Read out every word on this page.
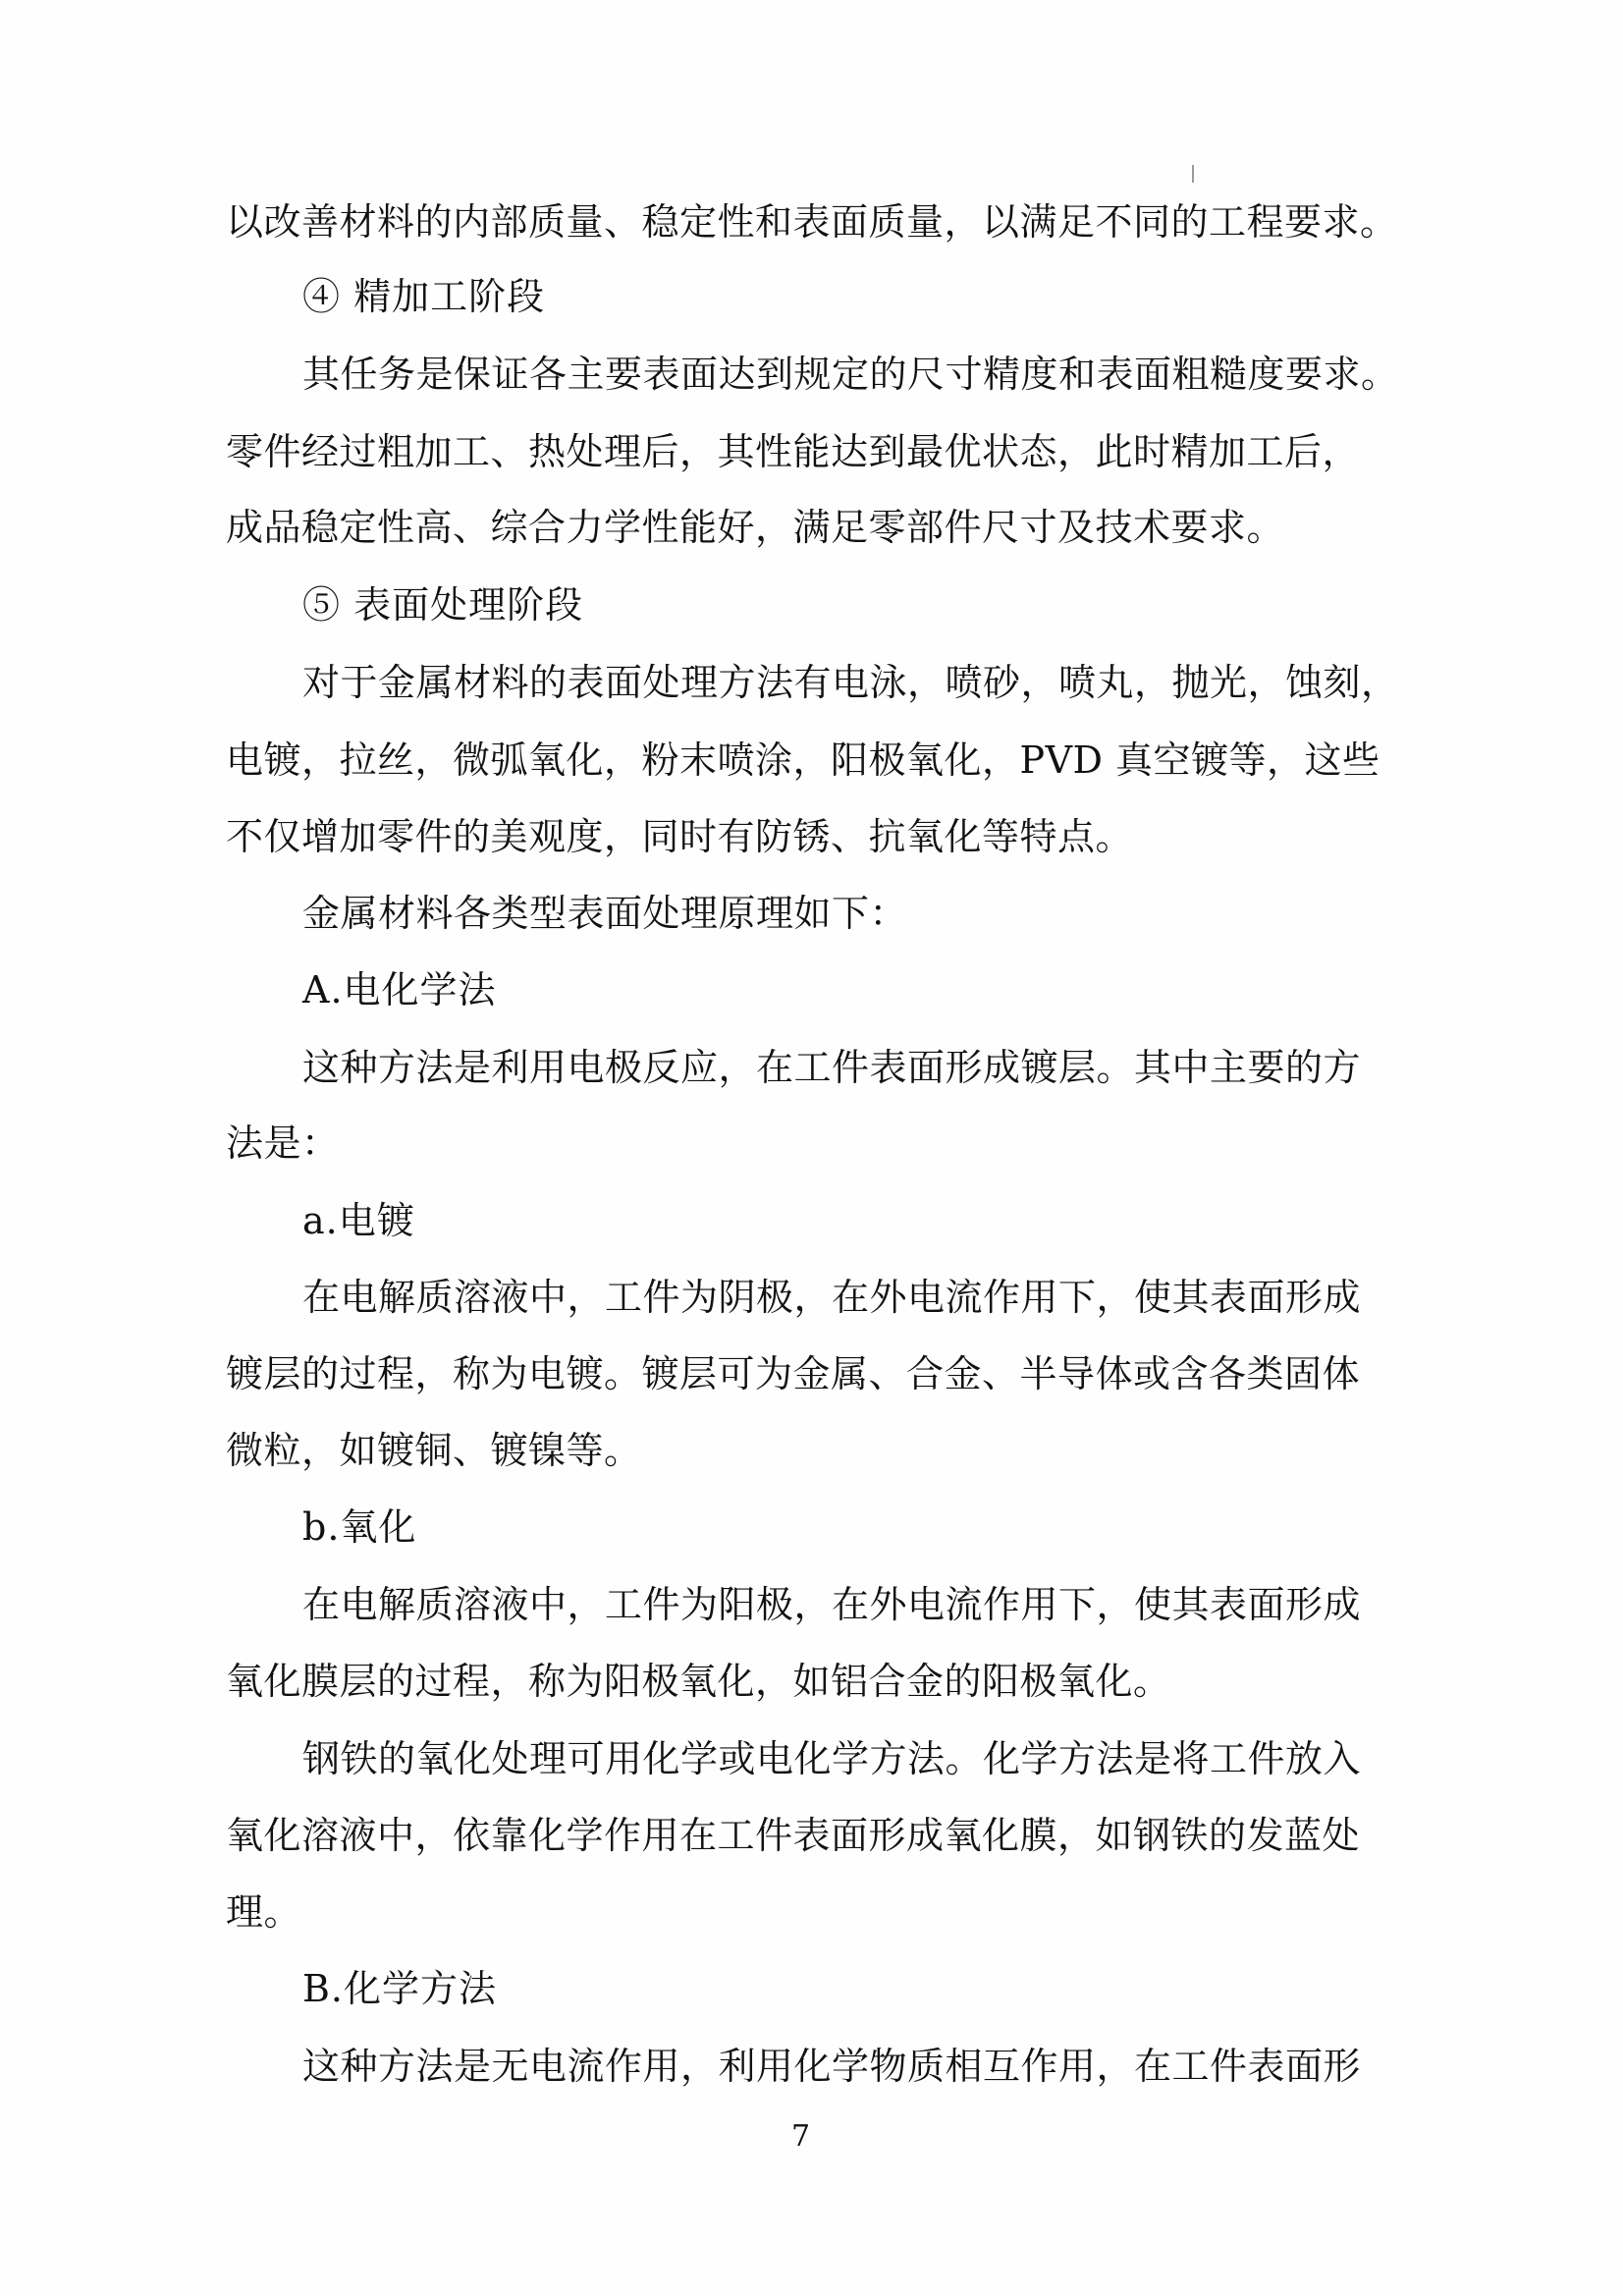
以改善材料的内部质量、稳定性和表面质量，以满足不同的工程要求。
④ 精加工阶段
其任务是保证各主要表面达到规定的尺寸精度和表面粗糙度要求。
零件经过粗加工、热处理后，其性能达到最优状态，此时精加工后，
成品稳定性高、综合力学性能好，满足零部件尺寸及技术要求。
⑤ 表面处理阶段
对于金属材料的表面处理方法有电泳，喷砂，喷丸，抛光，蚀刻，
电镀，拉丝，微弧氧化，粉末喷涂，阳极氧化，PVD 真空镀等，这些
不仅增加零件的美观度，同时有防锈、抗氧化等特点。
金属材料各类型表面处理原理如下：
A.电化学法
这种方法是利用电极反应，在工件表面形成镀层。其中主要的方
法是：
a.电镀
在电解质溶液中，工件为阴极，在外电流作用下，使其表面形成
镀层的过程，称为电镀。镀层可为金属、合金、半导体或含各类固体
微粒，如镀铜、镀镍等。
b.氧化
在电解质溶液中，工件为阳极，在外电流作用下，使其表面形成
氧化膜层的过程，称为阳极氧化，如铝合金的阳极氧化。
钢铁的氧化处理可用化学或电化学方法。化学方法是将工件放入
氧化溶液中，依靠化学作用在工件表面形成氧化膜，如钢铁的发蓝处
理。
B.化学方法
这种方法是无电流作用，利用化学物质相互作用，在工件表面形
7
